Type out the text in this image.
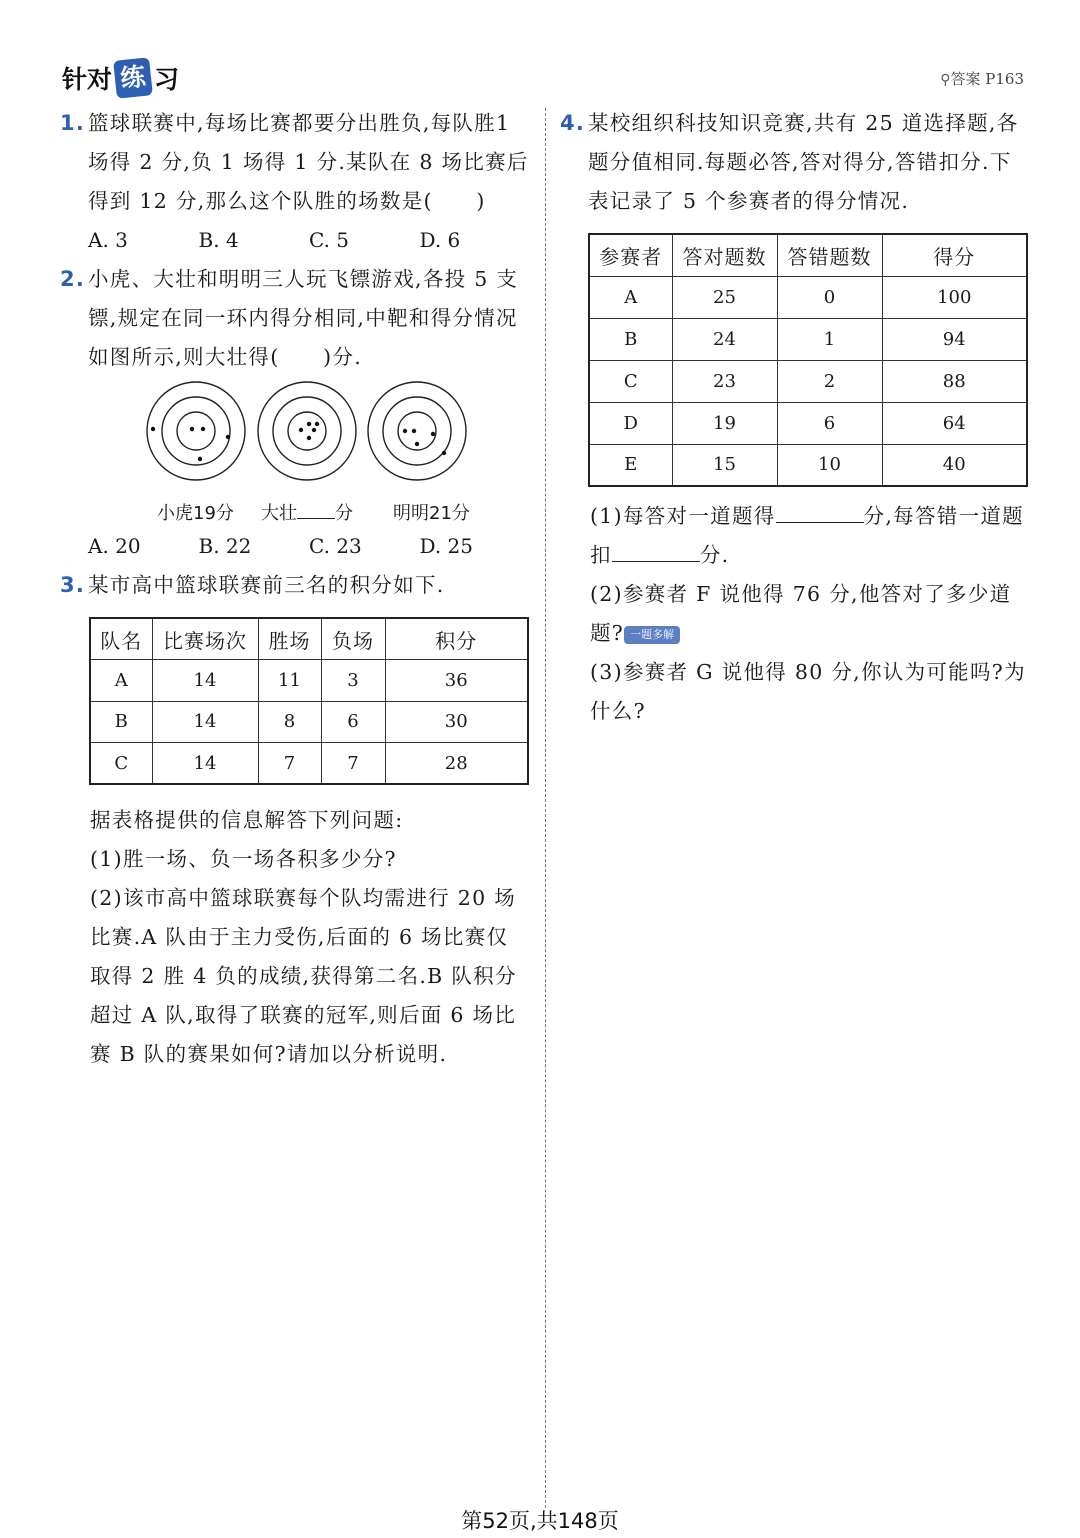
针对 练 习	⚲答案 P163

1. 篮球联赛中,每场比赛都要分出胜负,每队胜1场得 2 分,负 1 场得 1 分.某队在 8 场比赛后得到 12 分,那么这个队胜的场数是(　　)

A. 3	B. 4	C. 5	D. 6

2. 小虎、大壮和明明三人玩飞镖游戏,各投 5 支镖,规定在同一环内得分相同,中靶和得分情况如图所示,则大壮得(　　)分.

小虎19分 大壮 分 明明21分
A. 20	B. 22	C. 23	D. 25

3. 某市高中篮球联赛前三名的积分如下.

队名	比赛场次	胜场	负场	积分
A	14	11	3	36
B	14	8	6	30
C	14	7	7	28

据表格提供的信息解答下列问题:

(1)胜一场、负一场各积多少分?

(2)该市高中篮球联赛每个队均需进行 20 场比赛.A 队由于主力受伤,后面的 6 场比赛仅取得 2 胜 4 负的成绩,获得第二名.B 队积分超过 A 队,取得了联赛的冠军,则后面 6 场比赛 B 队的赛果如何?请加以分析说明.

4. 某校组织科技知识竞赛,共有 25 道选择题,各题分值相同.每题必答,答对得分,答错扣分.下表记录了 5 个参赛者的得分情况.

参赛者	答对题数	答错题数	得分
A	25	0	100
B	24	1	94
C	23	2	88
D	19	6	64
E	15	10	40

(1)每答对一道题得	分,每答错一道题扣	分.

(2)参赛者 F 说他得 76 分,他答对了多少道题? 一题多解

(3)参赛者 G 说他得 80 分,你认为可能吗?为什么?

第52页,共148页
